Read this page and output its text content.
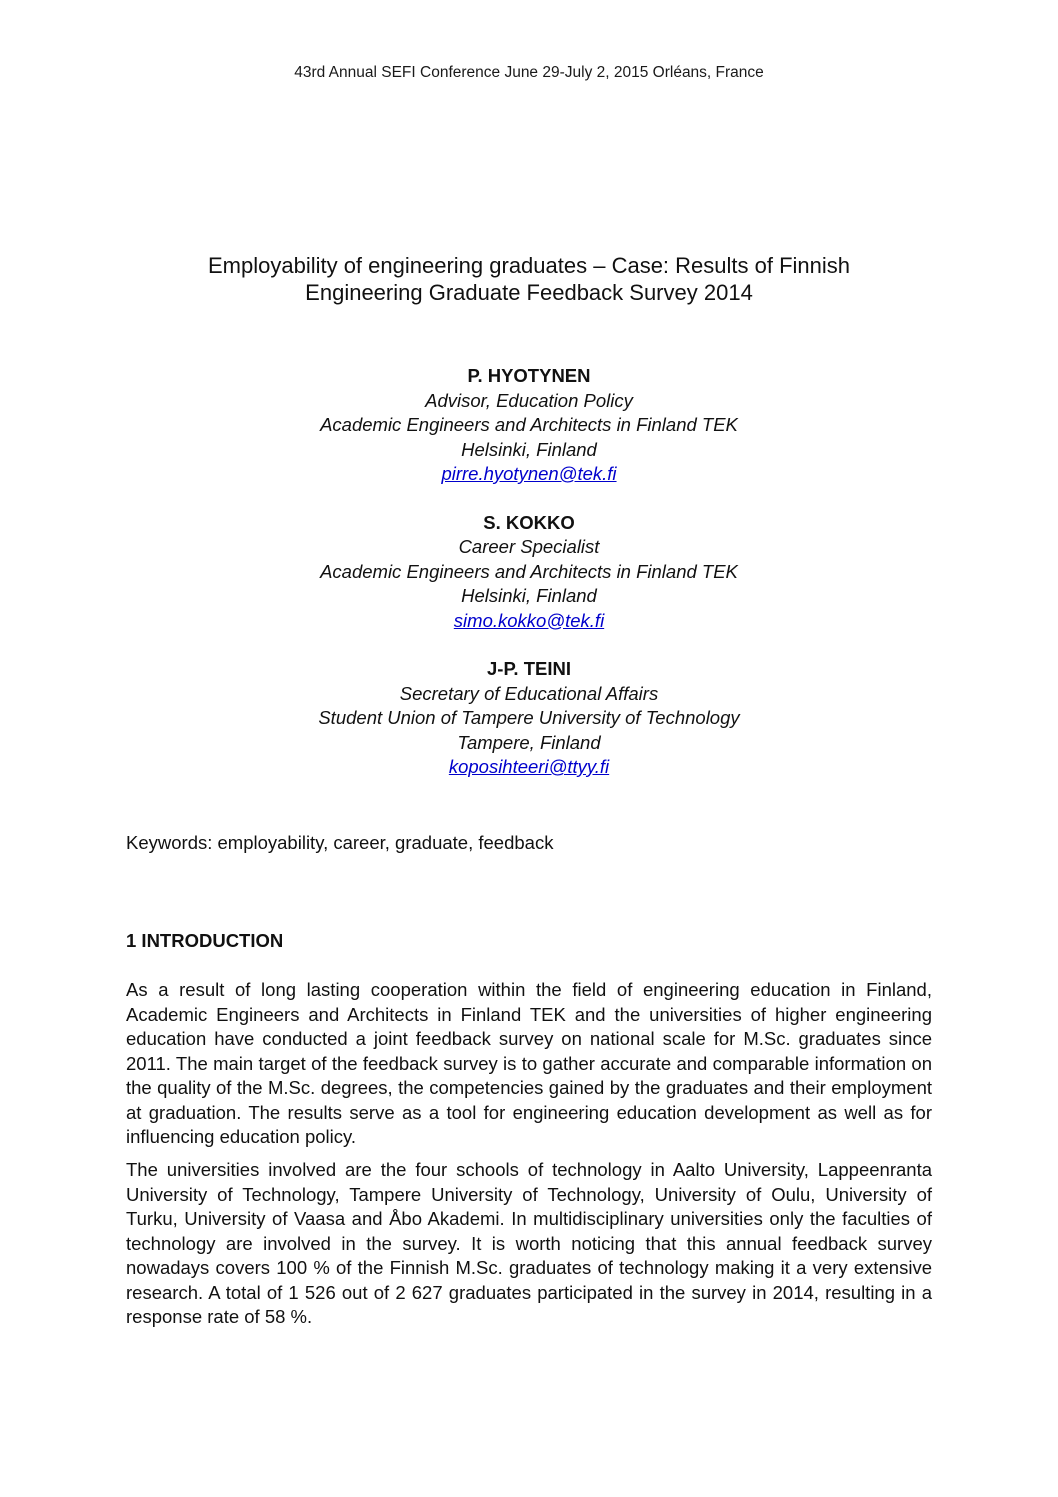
43rd Annual SEFI Conference June 29-July 2, 2015 Orléans, France
Employability of engineering graduates – Case: Results of Finnish
Engineering Graduate Feedback Survey 2014
P. HYOTYNEN
Advisor, Education Policy
Academic Engineers and Architects in Finland TEK
Helsinki, Finland
pirre.hyotynen@tek.fi
S. KOKKO
Career Specialist
Academic Engineers and Architects in Finland TEK
Helsinki, Finland
simo.kokko@tek.fi
J-P. TEINI
Secretary of Educational Affairs
Student Union of Tampere University of Technology
Tampere, Finland
koposihteeri@ttyy.fi
Keywords: employability, career, graduate, feedback
1 INTRODUCTION

As a result of long lasting cooperation within the field of engineering education in Finland, Academic Engineers and Architects in Finland TEK and the universities of higher engineering education have conducted a joint feedback survey on national scale for M.Sc. graduates since 2011. The main target of the feedback survey is to gather accurate and comparable information on the quality of the M.Sc. degrees, the competencies gained by the graduates and their employment at graduation. The results serve as a tool for engineering education development as well as for influencing education policy.

The universities involved are the four schools of technology in Aalto University, Lappeenranta University of Technology, Tampere University of Technology, University of Oulu, University of Turku, University of Vaasa and Åbo Akademi. In multidisciplinary universities only the faculties of technology are involved in the survey. It is worth noticing that this annual feedback survey nowadays covers 100 % of the Finnish M.Sc. graduates of technology making it a very extensive research. A total of 1 526 out of 2 627 graduates participated in the survey in 2014, resulting in a response rate of 58 %.
